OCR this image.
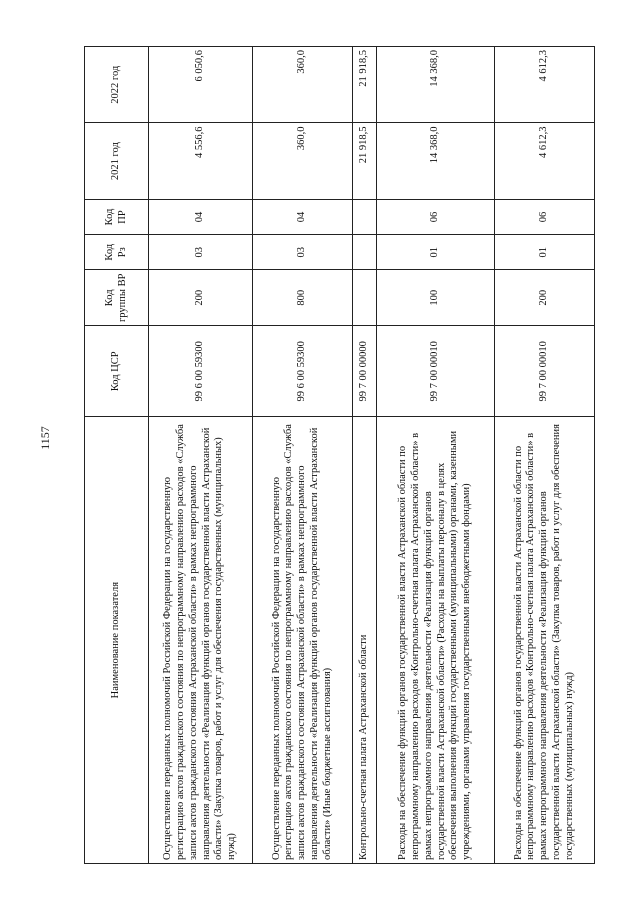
1157
Наименование показателя	Код ЦСР	Код группы ВР	Код Рз	Код ПР	2021 год	2022 год
Осуществление переданных полномочий Российской Федерации на государственную регистрацию актов гражданского состояния по непрограммному направлению расходов «Служба записи актов гражданского состояния Астраханской области» в рамках непрограммного направления деятельности «Реализация функций органов государственной власти Астраханской области» (Закупка товаров, работ и услуг для обеспечения государственных (муниципальных) нужд)	99 6 00 59300	200	03	04	4 556,6	6 050,6
Осуществление переданных полномочий Российской Федерации на государственную регистрацию актов гражданского состояния по непрограммному направлению расходов «Служба записи актов гражданского состояния Астраханской области» в рамках непрограммного направления деятельности «Реализация функций органов государственной власти Астраханской области» (Иные бюджетные ассигнования)	99 6 00 59300	800	03	04	360,0	360,0
Контрольно-счетная палата Астраханской области	99 7 00 00000				21 918,5	21 918,5
Расходы на обеспечение функций органов государственной власти Астраханской области по непрограммному направлению расходов «Контрольно-счетная палата Астраханской области» в рамках непрограммного направления деятельности «Реализация функций органов государственной власти Астраханской области» (Расходы на выплаты персоналу в целях обеспечения выполнения функций государственными (муниципальными) органами, казенными учреждениями, органами управления государственными внебюджетными фондами)	99 7 00 00010	100	01	06	14 368,0	14 368,0
Расходы на обеспечение функций органов государственной власти Астраханской области по непрограммному направлению расходов «Контрольно-счетная палата Астраханской области» в рамках непрограммного направления деятельности «Реализация функций органов государственной власти Астраханской области» (Закупка товаров, работ и услуг для обеспечения государственных (муниципальных) нужд)	99 7 00 00010	200	01	06	4 612,3	4 612,3
